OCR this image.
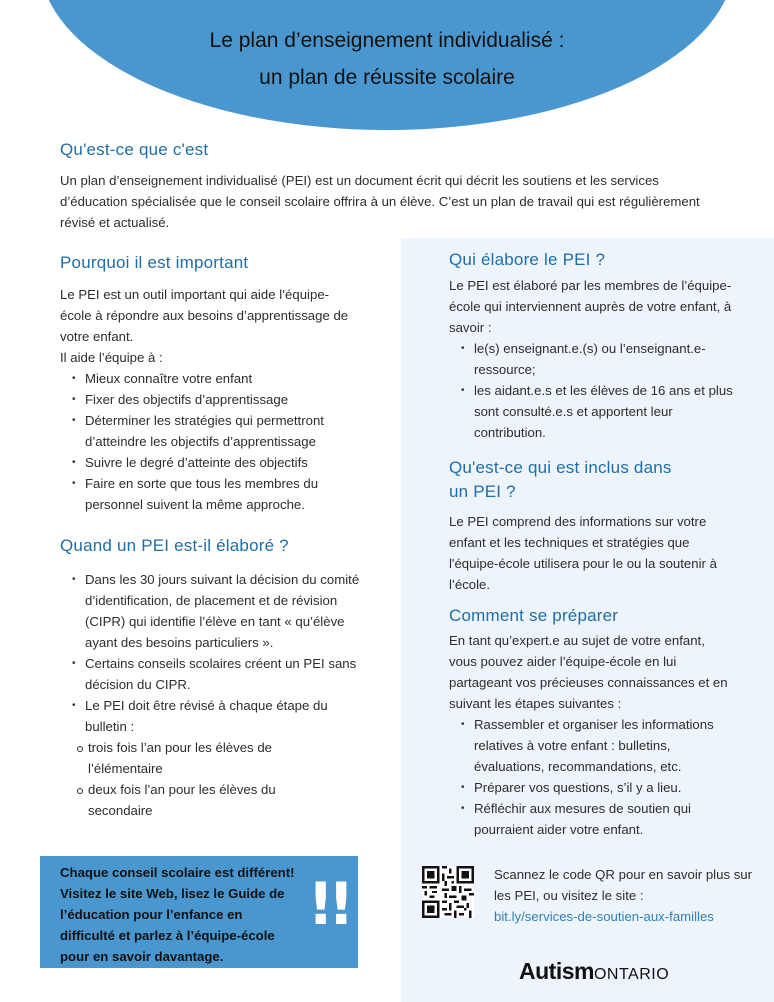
Le plan d’enseignement individualisé :
un plan de réussite scolaire
Qu'est-ce que c'est
Un plan d’enseignement individualisé (PEI) est un document écrit qui décrit les soutiens et les services d’éducation spécialisée que le conseil scolaire offrira à un élève. C’est un plan de travail qui est régulièrement révisé et actualisé.
Pourquoi il est important

Le PEI est un outil important qui aide l’équipe-école à répondre aux besoins d’apprentissage de votre enfant.

Il aide l’équipe à :

• Mieux connaître votre enfant
• Fixer des objectifs d’apprentissage
• Déterminer les stratégies qui permettront d’atteindre les objectifs d’apprentissage
• Suivre le degré d’atteinte des objectifs
• Faire en sorte que tous les membres du personnel suivent la même approche.
Quand un PEI est-il élaboré ?
• Dans les 30 jours suivant la décision du comité d’identification, de placement et de révision (CIPR) qui identifie l’élève en tant « qu’élève ayant des besoins particuliers ».
• Certains conseils scolaires créent un PEI sans décision du CIPR.
• Le PEI doit être révisé à chaque étape du bulletin :
trois fois l’an pour les élèves de l’élémentaire
deux fois l’an pour les élèves du secondaire
Qui élabore le PEI ?

Le PEI est élaboré par les membres de l’équipe-école qui interviennent auprès de votre enfant, à savoir :

• le(s) enseignant.e.(s) ou l’enseignant.e-ressource;
• les aidant.e.s et les élèves de 16 ans et plus sont consulté.e.s et apportent leur contribution.
Qu'est-ce qui est inclus dans
un PEI ?
Le PEI comprend des informations sur votre enfant et les techniques et stratégies que l'équipe-école utilisera pour le ou la soutenir à l’école.
Comment se préparer

En tant qu’expert.e au sujet de votre enfant, vous pouvez aider l’équipe-école en lui partageant vos précieuses connaissances et en suivant les étapes suivantes :

• Rassembler et organiser les informations relatives à votre enfant : bulletins, évaluations, recommandations, etc.
• Préparer vos questions, s’il y a lieu.
• Réfléchir aux mesures de soutien qui pourraient aider votre enfant.
Chaque conseil scolaire est différent! Visitez le site Web, lisez le Guide de l’éducation pour l’enfance en difficulté et parlez à l’équipe-école pour en savoir davantage.
!!	Scannez le code QR pour en savoir plus sur les PEI, ou visitez le site :
bit.ly/services-de-soutien-aux-familles
AutismONTARIO
